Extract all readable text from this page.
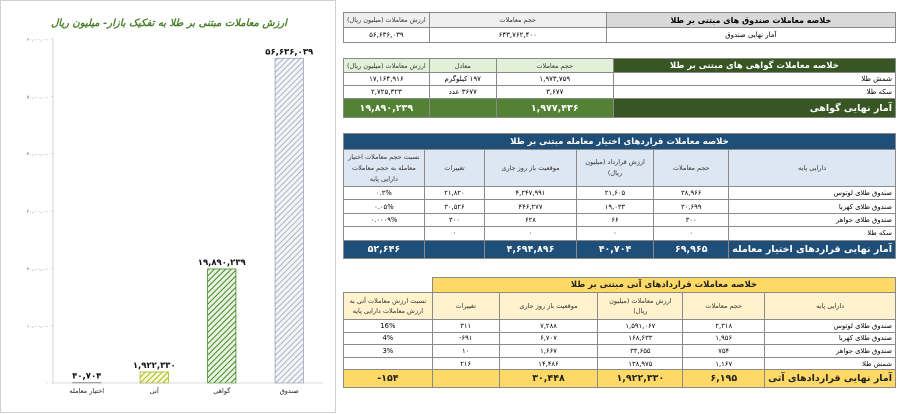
ارزش معاملات مبتنی بر طلا به تفکیک بازار- میلیون ریال
۰
۱۰,۰۰۰,۰۰۰
۲۰,۰۰۰,۰۰۰
۳۰,۰۰۰,۰۰۰
۴۰,۰۰۰,۰۰۰
۵۰,۰۰۰,۰۰۰
۶۰,۰۰۰,۰۰۰
۴۰,۷۰۴
۱,۹۲۲,۳۳۰
۱۹,۸۹۰,۲۳۹
۵۶,۶۳۶,۰۳۹
اختیار معامله	آتی	گواهی	صندوق
ارزش معاملات (میلیون ریال)	حجم معاملات	خلاصه معاملات صندوق های مبتنی بر طلا
۵۶,۶۳۶,۰۳۹	۶۴۳,۷۶۲,۴۰۰	آمار نهایی صندوق
ارزش معاملات (میلیون ریال)	معادل	حجم معاملات	خلاصه معاملات گواهی های مبتنی بر طلا
۱۷,۱۶۴,۹۱۶	۱۹۷ کیلوگرم	۱,۹۷۳,۷۵۹	شمش طلا
۲,۷۲۵,۳۲۳	۳۶۷۷ عدد	۳,۶۷۷	سکه طلا
۱۹,۸۹۰,۲۳۹		۱,۹۷۷,۴۳۶	آمار نهایی گواهی
خلاصه معاملات قراردهای اختیار معامله مبتنی بر طلا					
نسبت حجم معاملات اختیار معامله به حجم معاملات دارایی پایه	تغییرات	موقعیت باز روز جاری	ارزش قرارداد (میلیون ریال)	حجم معاملات	دارایی پایه
۰.۲%	۲۱,۸۲۰	۴,۲۴۷,۹۹۱	۲۱,۶۰۵	۳۸,۹۶۶	صندوق طلای لوتوس
۰.۰۵%	۳۰,۵۲۶	۴۴۶,۲۷۷	۱۹,۰۳۳	۳۰,۶۹۹	صندوق طلای کهربا
۰.۰۰۰۹%	۳۰۰	۶۲۸	۶۶	۳۰۰	صندوق طلای جواهر
	۰	۰	۰	۰	سکه طلا
۵۲,۶۴۶		۴,۶۹۴,۸۹۶	۴۰,۷۰۴	۶۹,۹۶۵	آمار نهایی قراردهای اختیار معامله
	خلاصه معاملات قراردادهای آتی مبتنی بر طلا				
نسبت ارزش معاملات آتی به ارزش معاملات دارایی پایه	تغییرات	موقعیت باز روز جاری	ارزش معاملات (میلیون ریال)	حجم معاملات	دارایی پایه
16%	۳۱۱	۷,۲۸۸	۱,۵۹۱,۰۶۷	۲,۳۱۸	صندوق طلای لوتوس
4%	-۶۹۱	۶,۷۰۷	۱۶۸,۶۳۳	۱,۹۵۶	صندوق طلای کهربا
3%	۱۰	۱,۶۶۷	۳۳,۶۵۵	۷۵۴	صندوق طلای جواهر
	۲۱۶	۱۴,۴۸۶	۱۳۸,۹۷۵	۱,۱۶۷	شمش طلا
-۱۵۴		۳۰,۴۴۸	۱,۹۲۲,۳۳۰	۶,۱۹۵	آمار نهایی قراردادهای آتی
